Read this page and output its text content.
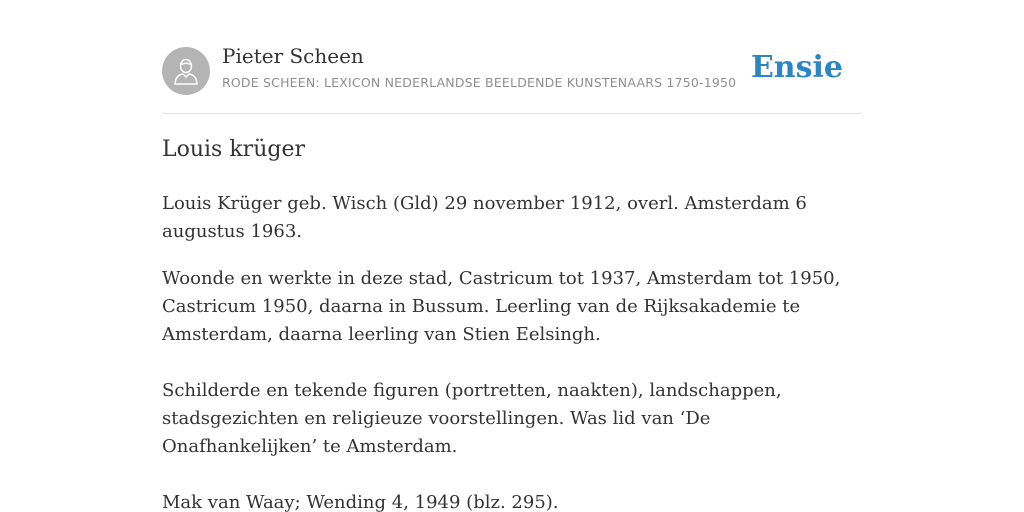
Pieter Scheen
RODE SCHEEN: LEXICON NEDERLANDSE BEELDENDE KUNSTENAARS 1750-1950 Ensie
Louis krüger

Louis Krüger geb. Wisch (Gld) 29 november 1912, overl. Amsterdam 6 augustus 1963.

Woonde en werkte in deze stad, Castricum tot 1937, Amsterdam tot 1950, Castricum 1950, daarna in Bussum. Leerling van de Rijksakademie te Amsterdam, daarna leerling van Stien Eelsingh.

Schilderde en tekende figuren (portretten, naakten), landschappen, stadsgezichten en religieuze voorstellingen. Was lid van ‘De Onafhankelijken’ te Amsterdam.

Mak van Waay; Wending 4, 1949 (blz. 295).
